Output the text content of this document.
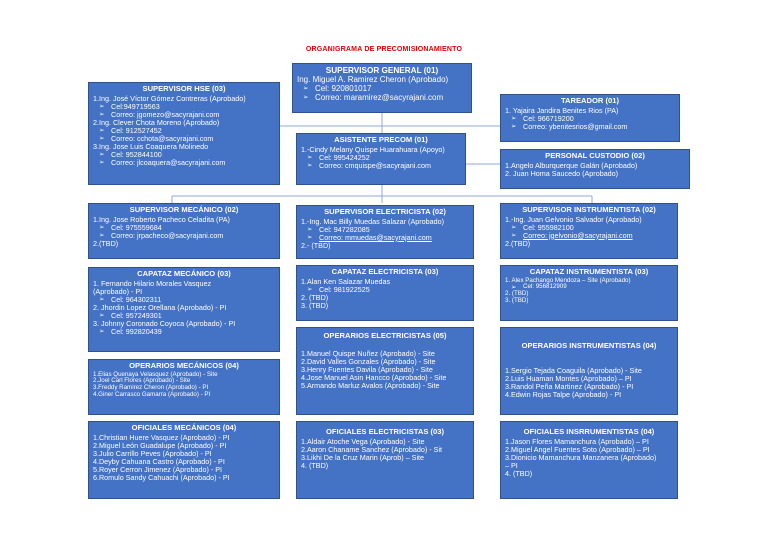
ORGANIGRAMA DE PRECOMISIONAMIENTO
SUPERVISOR GENERAL (01)
Ing. Miguel A. Ramirez Cheron (Aprobado)
➢ Cel: 920801017
➢ Correo: maramirez@sacyrajani.com
SUPERVISOR HSE (03)
1.Ing. José Víctor Gómez Contreras (Aprobado)
➢ Cel:949719563
➢ Correo: jgomezo@sacyrajani.com
2.Ing. Clever Chota Moreno (Aprobado)
➢ Cel: 912527452
➢ Correo: cchota@sacyrajani.com
3.Ing. Jose Luis Coaquera Molinedo
➢ Cel: 952844100
➢ Correo: jlcoaquera@sacyrajani.com
TAREADOR (01)
1. Yajaira Jandira Benites Rios (PA)
➢ Cel: 966719200
➢ Correo: ybenitesrios@gmail.com
ASISTENTE PRECOM (01)
1.-Cindy Melany Quispe Huarahuara (Apoyo)
➢ Cel: 995424252
➢ Correo: cmquispe@sacyrajani.com
PERSONAL CUSTODIO (02)
1.Angelo Alburquerque Galán (Aprobado)
2. Juan Homa Saucedo (Aprobado)
SUPERVISOR MECÁNICO (02)
1.Ing. Jose Roberto Pacheco Celadita (PA)
➢ Cel: 975559684
➢ Correo: jrpacheco@sacyrajani.com
2.(TBD)
SUPERVISOR ELECTRICISTA (02)
1.-Ing. Mac Billy Muedas Salazar (Aprobado)
➢ Cel: 947282085
➢ Correo: mmuedas@sacyrajani.com
2.- (TBD)
SUPERVISOR INSTRUMENTISTA (02)
1.-Ing. Juan Gelvonio Salvador (Aprobado)
➢ Cel: 955982100
➢ Correo: jgelvonio@sacyrajani.com
2.(TBD)
CAPATAZ MECÁNICO (03)
1. Fernando Hilario Morales Vasquez
(Aprobado) - PI
➢ Cel: 964302311
2. Jhordin Lopez Orellana (Aprobado) - PI
➢ Cel: 957249301
3. Johnny Coronado Coyoca (Aprobado) - PI
➢ Cel: 992820439
CAPATAZ ELECTRICISTA (03)
1.Alan Ken Salazar Muedas
➢ Cel: 981922525
2. (TBD)
3. (TBD)
CAPATAZ INSTRUMENTISTA (03)
1. Alex Pachango Mendoza – Site (Aprobado)
➢ Cel: 956812909
2. (TBD)
3. (TBD)
OPERARIOS MECÁNICOS (04)
1.Elias Quenaya Velasquez (Aprobado) - Site
2.Joel Carl Flores (Aprobado) - Site
3.Freddy Ramirez Cheron (Aprobado) - PI
4.Giner Carrasco Gamarra (Aprobado) - PI
OPERARIOS ELECTRICISTAS (05)
1.Manuel Quispe Nuñez (Aprobado) - Site
2.David Valles Gonzales (Aprobado) - Site
3.Henry Fuentes Davila (Aprobado) - Site
4.Jose Manuel Asin Hancco (Aprobado) - Site
5.Armando Marluz Avalos (Aprobado) - Site
OPERARIOS INSTRUMENTISTAS (04)
1.Sergio Tejada Coaguila (Aprobado) - Site
2.Luis Huaman Montes (Aprobado) – PI
3.Randol Peña Martinez (Aprobado) - PI
4.Edwin Rojas Talpe (Aprobado) - PI
OFICIALES MECÁNICOS (04)
1.Christian Huere Vasquez (Aprobado) - PI
2.Miguel León Guadalupe (Aprobado) - PI
3.Julio Carrillo Peves (Aprobado) - PI
4.Deyby Cahuana Castro (Aprobado) - PI
5.Royer Cerron Jimenez (Aprobado) - PI
6.Romulo Sandy Cahuachi (Aprobado) - PI
OFICIALES ELECTRICISTAS (03)
1.Aldair Atoche Vega (Aprobado) - Site
2.Aaron Chaname Sanchez (Aprobado) - Sit
3.Likhi De la Cruz Marin (Aprob) – Site
4. (TBD)
OFICIALES INSRRUMENTISTAS (04)
1.Jason Flores Mamanchura (Aprobado) – PI
2.Miguel Angel Fuentes Soto (Aprobado) – PI
3.Dionicio Mamanchura Manzanera (Aprobado)
– PI
4. (TBD)
